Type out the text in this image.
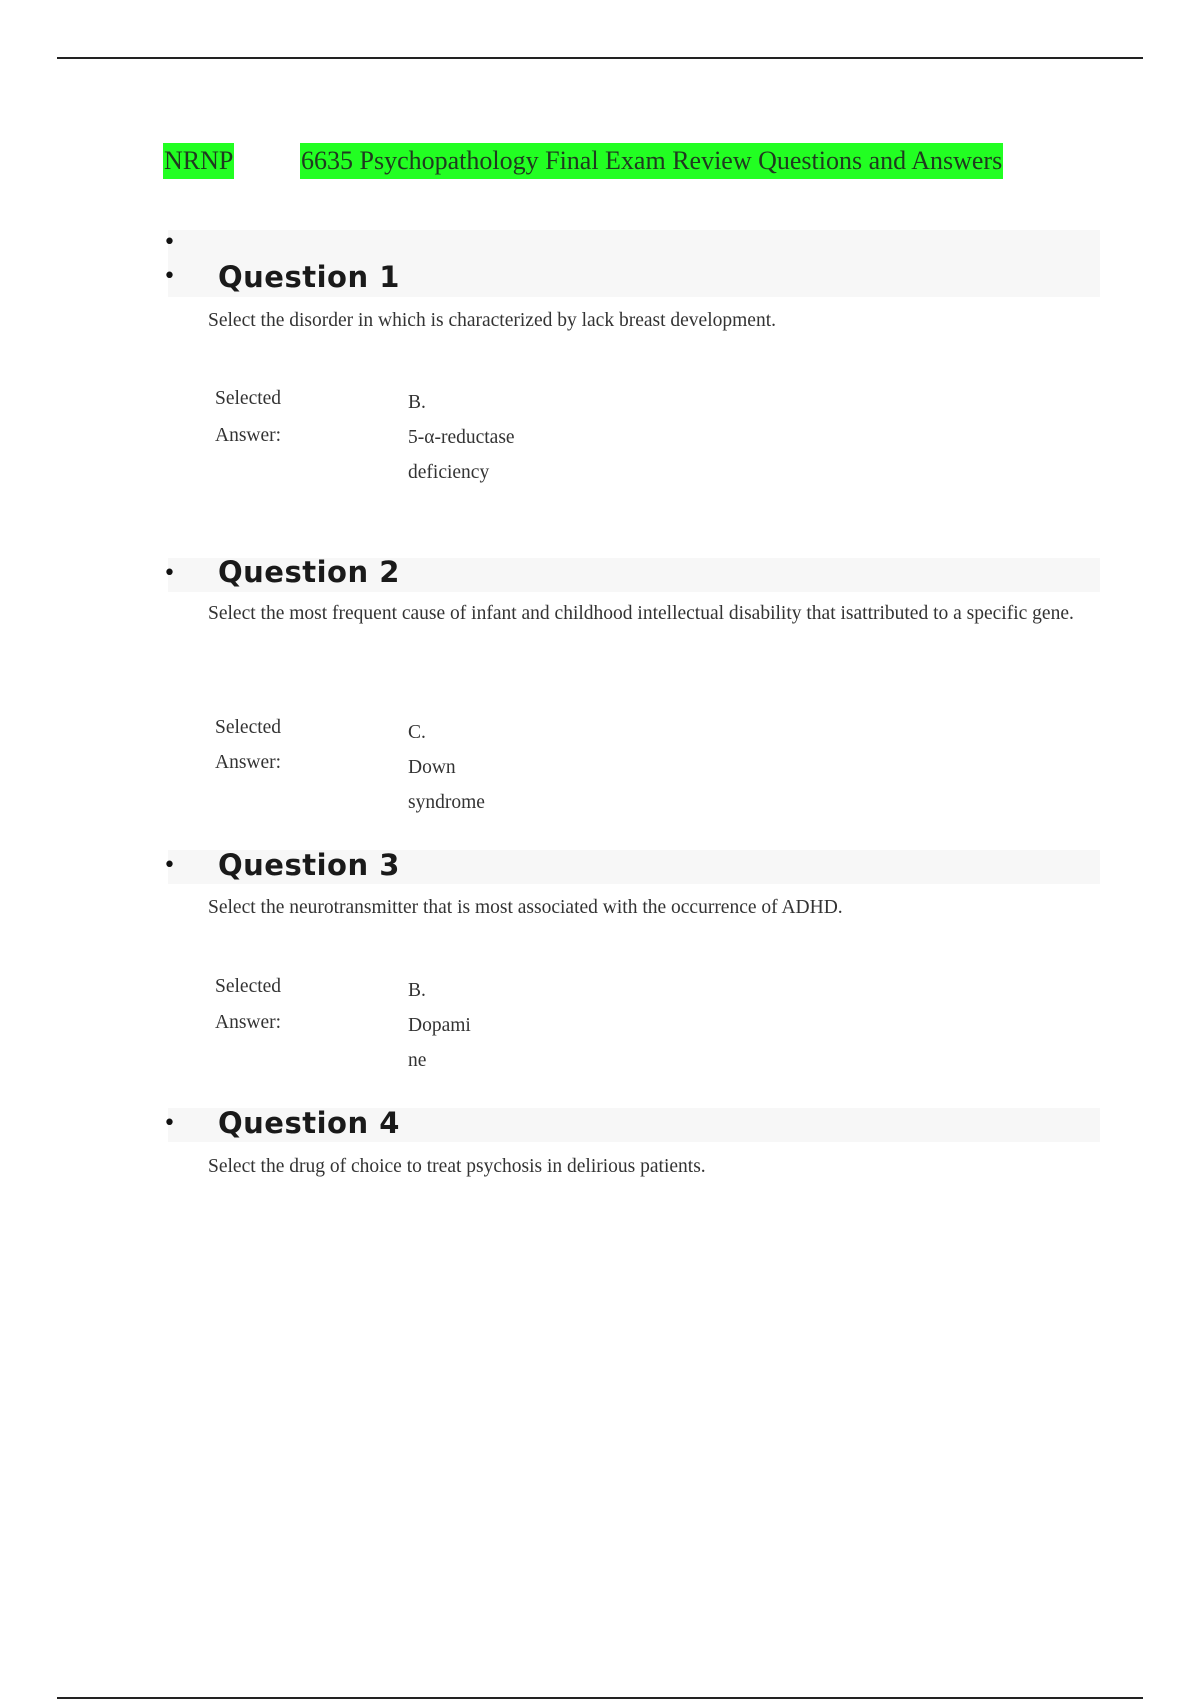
NRNP	6635 Psychopathology Final Exam Review Questions and Answers
•
• Question 1
Select the disorder in which is characterized by lack breast development.
Selected
Answer:
B.
5-α-reductase
deficiency
• Question 2
Select the most frequent cause of infant and childhood intellectual disability that isattributed to a specific gene.
Selected
Answer:
C.
Down
syndrome
• Question 3
Select the neurotransmitter that is most associated with the occurrence of ADHD.
Selected
Answer:
B.
Dopami
ne
• Question 4
Select the drug of choice to treat psychosis in delirious patients.
